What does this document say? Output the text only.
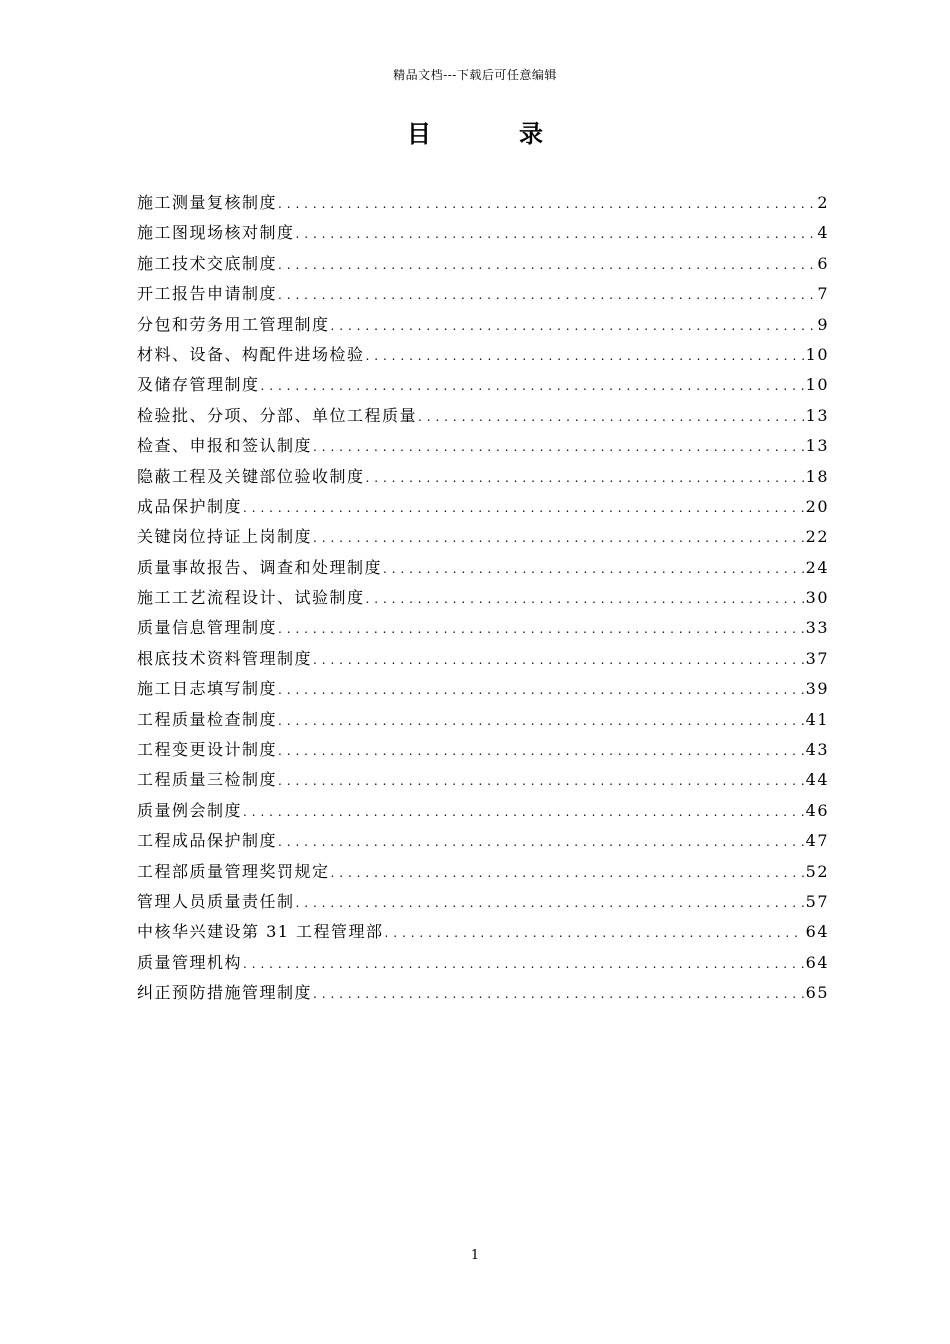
精品文档---下载后可任意编辑
目	录
施工测量复核制度 .....	2
施工图现场核对制度 .....	4
施工技术交底制度 .....	6
开工报告申请制度 .....	7
分包和劳务用工管理制度 .....	9
材料、设备、构配件进场检验 .....	10
及储存管理制度 .....	10
检验批、分项、分部、单位工程质量 .....	13
检查、申报和签认制度 .....	13
隐蔽工程及关键部位验收制度 .....	18
成品保护制度 .....	20
关键岗位持证上岗制度 .....	22
质量事故报告、调查和处理制度 .....	24
施工工艺流程设计、试验制度 .....	30
质量信息管理制度 .....	33
根底技术资料管理制度 .....	37
施工日志填写制度 .....	39
工程质量检查制度 .....	41
工程变更设计制度 .....	43
工程质量三检制度 .....	44
质量例会制度 .....	46
工程成品保护制度 .....	47
工程部质量管理奖罚规定 .....	52
管理人员质量责任制 .....	57
中核华兴建设第 31 工程管理部 .....	64
质量管理机构 .....	64
纠正预防措施管理制度 .....	65
1
